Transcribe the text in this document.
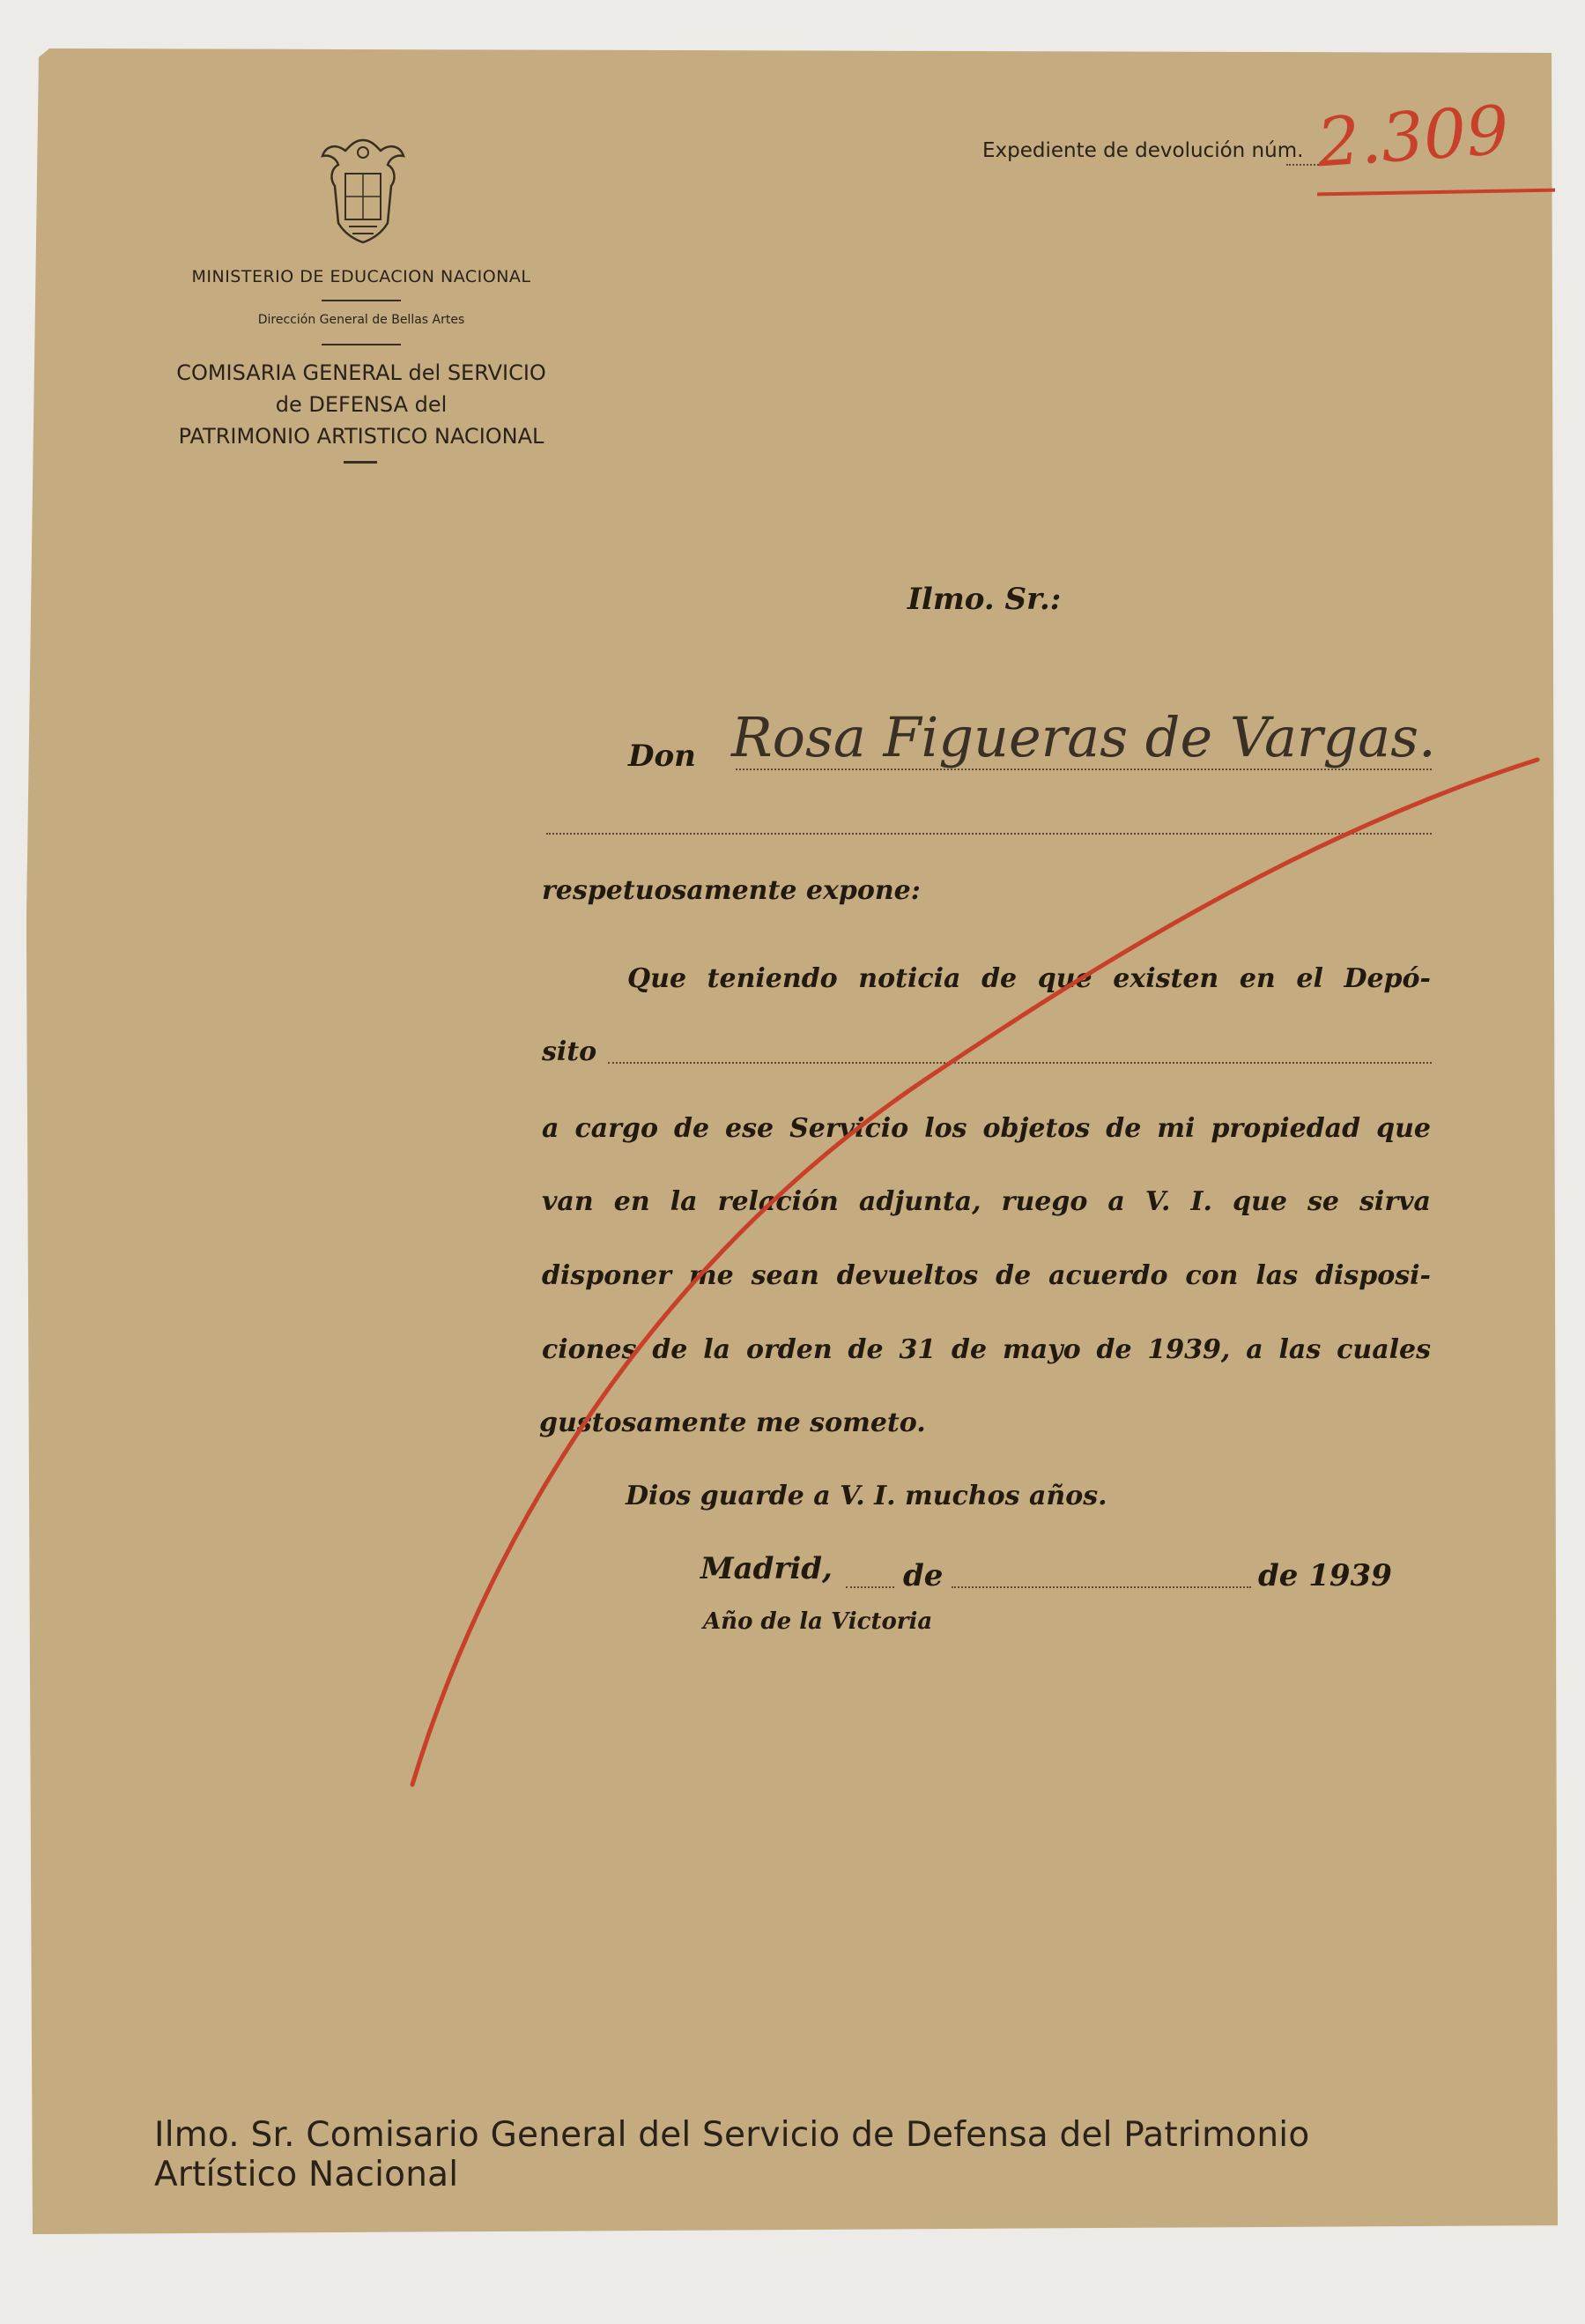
MINISTERIO DE EDUCACION NACIONAL
Dirección General de Bellas Artes
COMISARIA GENERAL del SERVICIO
de DEFENSA del
PATRIMONIO ARTISTICO NACIONAL
Expediente de devolución núm. 2.309
Ilmo. Sr.:
Don Rosa Figueras de Vargas.
respetuosamente expone:
Que teniendo noticia de que existen en el Depó-
sito
a cargo de ese Servicio los objetos de mi propiedad que
van en la relación adjunta, ruego a V. I. que se sirva
disponer me sean devueltos de acuerdo con las disposi-
ciones de la orden de 31 de mayo de 1939, a las cuales
gustosamente me someto.
Dios guarde a V. I. muchos años.
Madrid, de	de 1939
Año de la Victoria
Ilmo. Sr. Comisario General del Servicio de Defensa del Patrimonio Artístico Nacional
